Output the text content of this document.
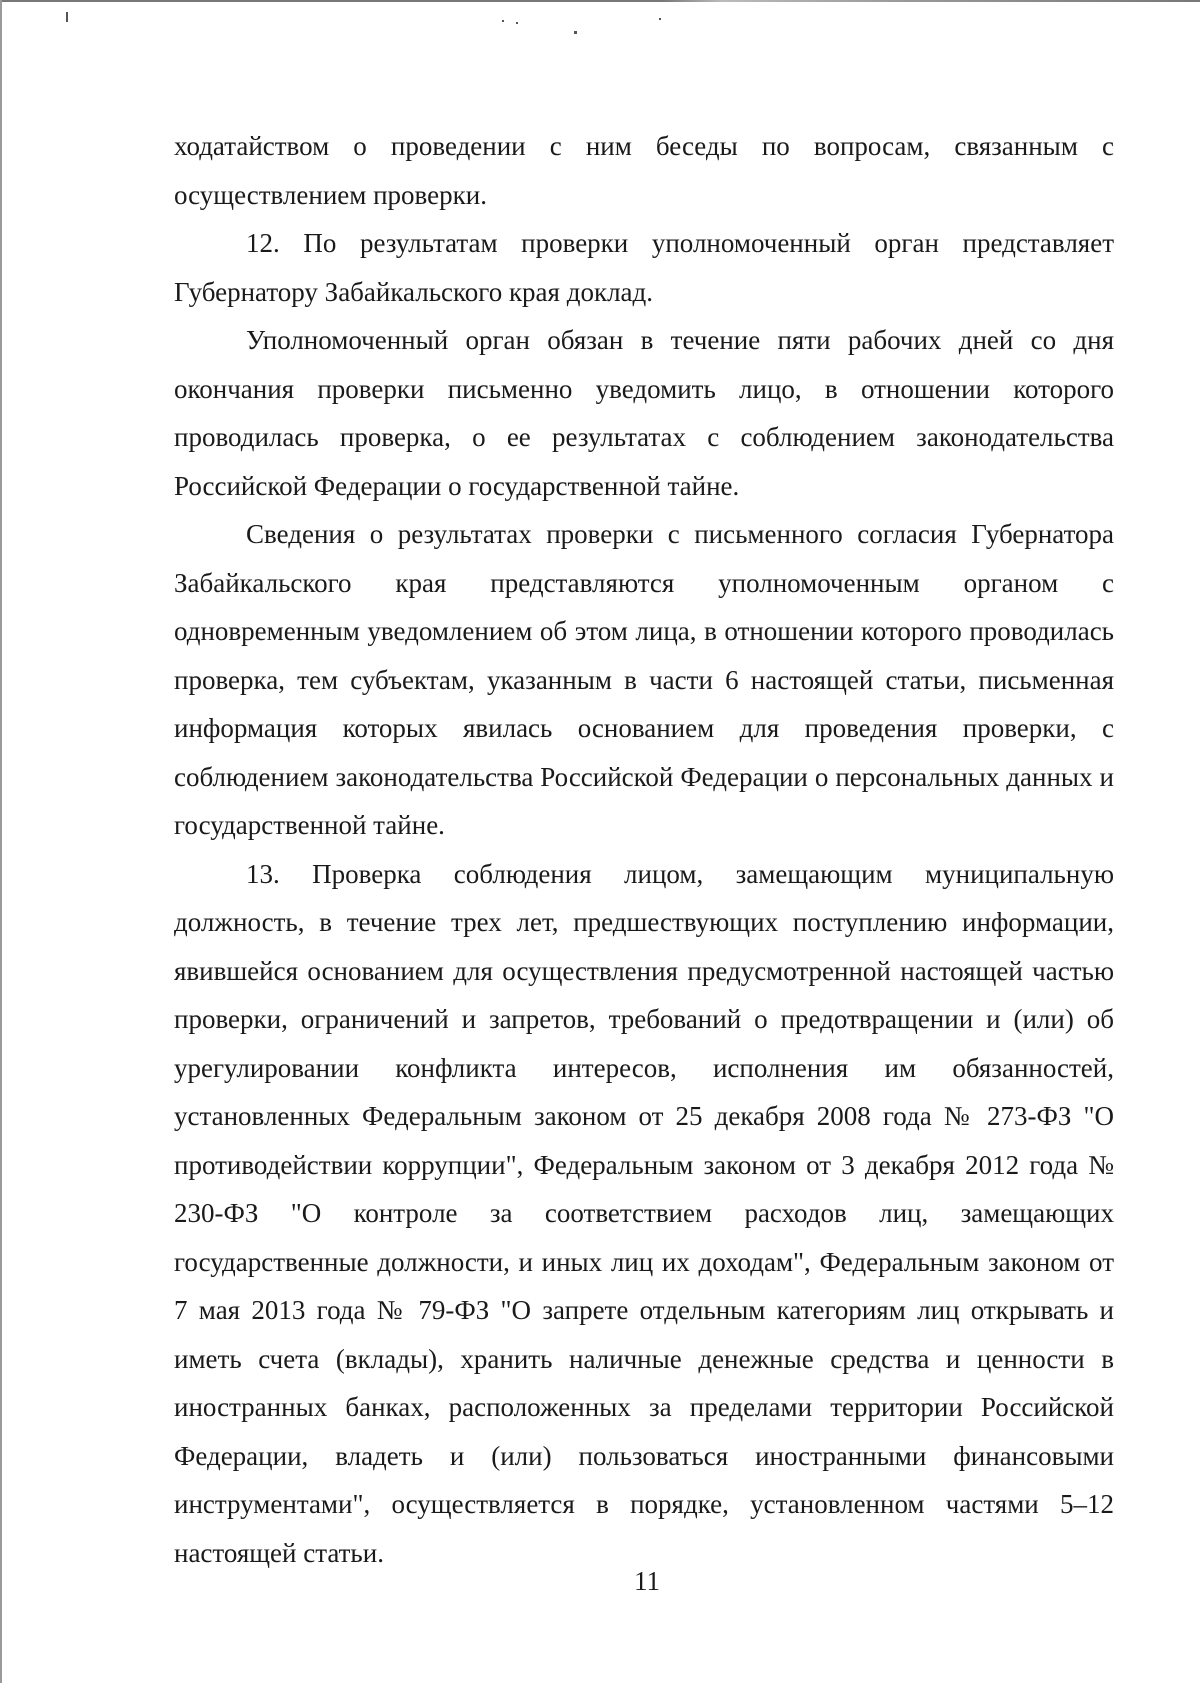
ходатайством о проведении с ним беседы по вопросам, связанным с осуществлением проверки.

12. По результатам проверки уполномоченный орган представляет Губернатору Забайкальского края доклад.

Уполномоченный орган обязан в течение пяти рабочих дней со дня окончания проверки письменно уведомить лицо, в отношении которого проводилась проверка, о ее результатах с соблюдением законодательства Российской Федерации о государственной тайне.

Сведения о результатах проверки с письменного согласия Губернатора Забайкальского края представляются уполномоченным органом с одновременным уведомлением об этом лица, в отношении которого проводилась проверка, тем субъектам, указанным в части 6 настоящей статьи, письменная информация которых явилась основанием для проведения проверки, с соблюдением законодательства Российской Федерации о персональных данных и государственной тайне.

13. Проверка соблюдения лицом, замещающим муниципальную должность, в течение трех лет, предшествующих поступлению информации, явившейся основанием для осуществления предусмотренной настоящей частью проверки, ограничений и запретов, требований о предотвращении и (или) об урегулировании конфликта интересов, исполнения им обязанностей, установленных Федеральным законом от 25 декабря 2008 года № 273-ФЗ "О противодействии коррупции", Федеральным законом от 3 декабря 2012 года № 230-ФЗ "О контроле за соответствием расходов лиц, замещающих государственные должности, и иных лиц их доходам", Федеральным законом от 7 мая 2013 года № 79-ФЗ "О запрете отдельным категориям лиц открывать и иметь счета (вклады), хранить наличные денежные средства и ценности в иностранных банках, расположенных за пределами территории Российской Федерации, владеть и (или) пользоваться иностранными финансовыми инструментами", осуществляется в порядке, установленном частями 5–12 настоящей статьи.

11
